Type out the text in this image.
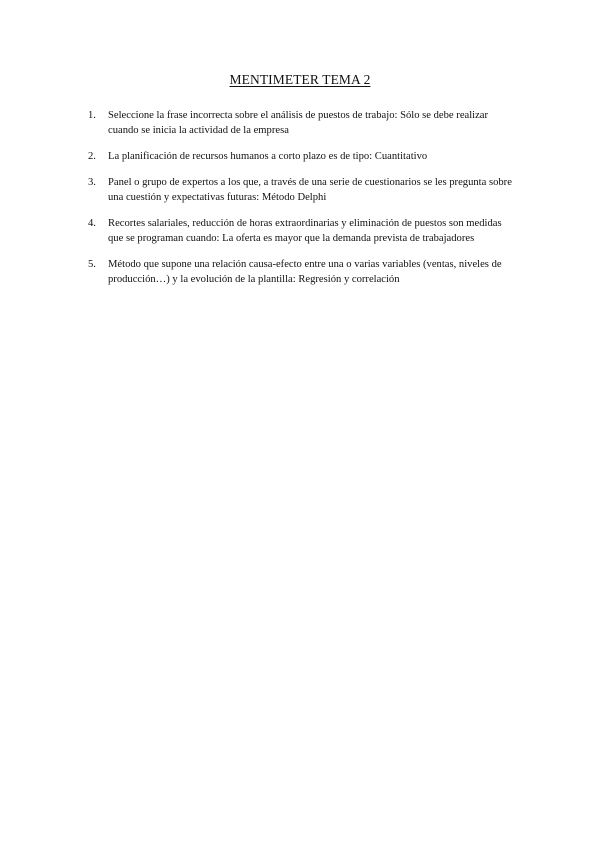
MENTIMETER TEMA 2
1. Seleccione la frase incorrecta sobre el análisis de puestos de trabajo: Sólo se debe realizar cuando se inicia la actividad de la empresa
2. La planificación de recursos humanos a corto plazo es de tipo: Cuantitativo
3. Panel o grupo de expertos a los que, a través de una serie de cuestionarios se les pregunta sobre una cuestión y expectativas futuras: Método Delphi
4. Recortes salariales, reducción de horas extraordinarias y eliminación de puestos son medidas que se programan cuando: La oferta es mayor que la demanda prevista de trabajadores
5. Método que supone una relación causa-efecto entre una o varias variables (ventas, niveles de producción…) y la evolución de la plantilla: Regresión y correlación
